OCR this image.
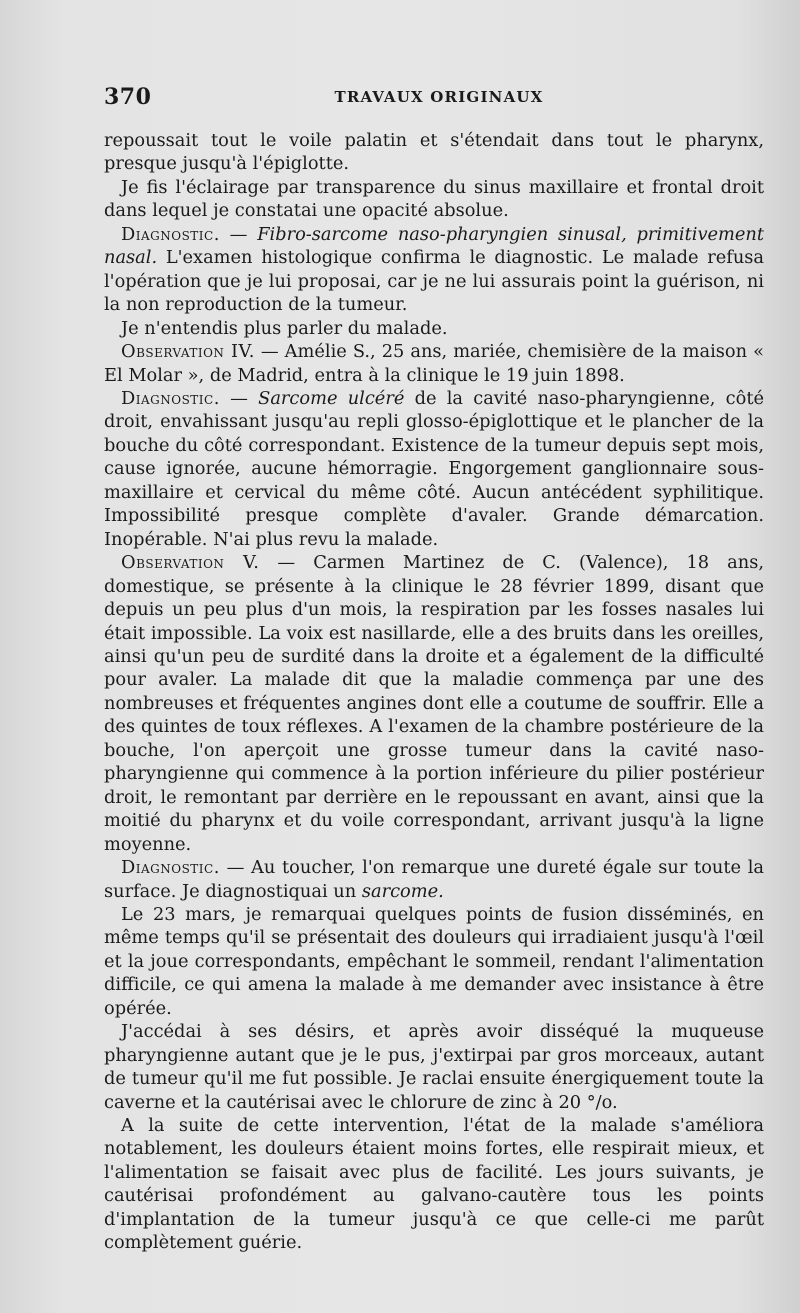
370	TRAVAUX ORIGINAUX

repoussait tout le voile palatin et s'étendait dans tout le pharynx, presque jusqu'à l'épiglotte.

Je fis l'éclairage par transparence du sinus maxillaire et frontal droit dans lequel je constatai une opacité absolue.

Diagnostic. — Fibro-sarcome naso-pharyngien sinusal, primitivement nasal. L'examen histologique confirma le diagnostic. Le malade refusa l'opération que je lui proposai, car je ne lui assurais point la guérison, ni la non reproduction de la tumeur.

Je n'entendis plus parler du malade.

Observation IV. — Amélie S., 25 ans, mariée, chemisière de la maison « El Molar », de Madrid, entra à la clinique le 19 juin 1898.

Diagnostic. — Sarcome ulcéré de la cavité naso-pharyngienne, côté droit, envahissant jusqu'au repli glosso-épiglottique et le plancher de la bouche du côté correspondant. Existence de la tumeur depuis sept mois, cause ignorée, aucune hémorragie. Engorgement ganglionnaire sous-maxillaire et cervical du même côté. Aucun antécédent syphilitique. Impossibilité presque complète d'avaler. Grande démarcation. Inopérable. N'ai plus revu la malade.

Observation V. — Carmen Martinez de C. (Valence), 18 ans, domestique, se présente à la clinique le 28 février 1899, disant que depuis un peu plus d'un mois, la respiration par les fosses nasales lui était impossible. La voix est nasillarde, elle a des bruits dans les oreilles, ainsi qu'un peu de surdité dans la droite et a également de la difficulté pour avaler. La malade dit que la maladie commença par une des nombreuses et fréquentes angines dont elle a coutume de souffrir. Elle a des quintes de toux réflexes. A l'examen de la chambre postérieure de la bouche, l'on aperçoit une grosse tumeur dans la cavité naso-pharyngienne qui commence à la portion inférieure du pilier postérieur droit, le remontant par derrière en le repoussant en avant, ainsi que la moitié du pharynx et du voile correspondant, arrivant jusqu'à la ligne moyenne.

Diagnostic. — Au toucher, l'on remarque une dureté égale sur toute la surface. Je diagnostiquai un sarcome.

Le 23 mars, je remarquai quelques points de fusion disséminés, en même temps qu'il se présentait des douleurs qui irradiaient jusqu'à l'œil et la joue correspondants, empêchant le sommeil, rendant l'alimentation difficile, ce qui amena la malade à me demander avec insistance à être opérée.

J'accédai à ses désirs, et après avoir disséqué la muqueuse pharyngienne autant que je le pus, j'extirpai par gros morceaux, autant de tumeur qu'il me fut possible. Je raclai ensuite énergiquement toute la caverne et la cautérisai avec le chlorure de zinc à 20 °/o.

A la suite de cette intervention, l'état de la malade s'améliora notablement, les douleurs étaient moins fortes, elle respirait mieux, et l'alimentation se faisait avec plus de facilité. Les jours suivants, je cautérisai profondément au galvano-cautère tous les points d'implantation de la tumeur jusqu'à ce que celle-ci me parût complètement guérie.
